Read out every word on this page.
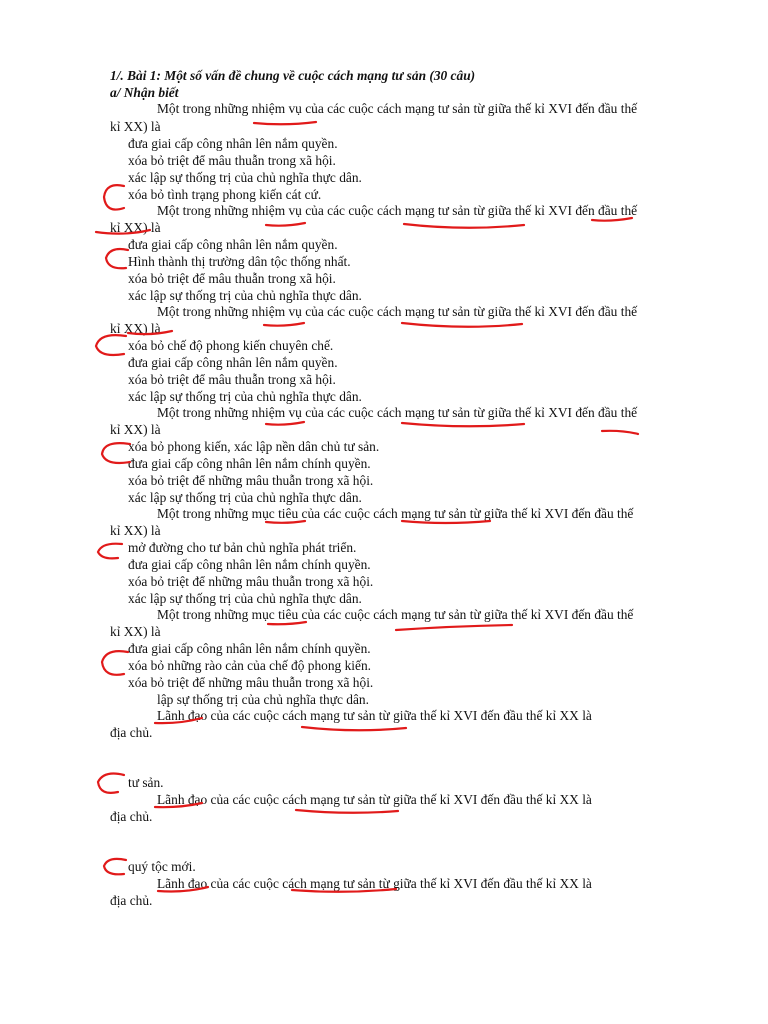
1/. Bài 1: Một số vấn đề chung về cuộc cách mạng tư sản (30 câu)
a/ Nhận biết
Một trong những nhiệm vụ của các cuộc cách mạng tư sản từ giữa thế kỉ XVI đến đầu thế
kỉ XX) là
đưa giai cấp công nhân lên nắm quyền.
xóa bỏ triệt để mâu thuẫn trong xã hội.
xác lập sự thống trị của chủ nghĩa thực dân.
xóa bỏ tình trạng phong kiến cát cứ.
Một trong những nhiệm vụ của các cuộc cách mạng tư sản từ giữa thế kỉ XVI đến đầu thế
kỉ XX) là
đưa giai cấp công nhân lên nắm quyền.
Hình thành thị trường dân tộc thống nhất.
xóa bỏ triệt để mâu thuẫn trong xã hội.
xác lập sự thống trị của chủ nghĩa thực dân.
Một trong những nhiệm vụ của các cuộc cách mạng tư sản từ giữa thế kỉ XVI đến đầu thế
kỉ XX) là
xóa bỏ chế độ phong kiến chuyên chế.
đưa giai cấp công nhân lên nắm quyền.
xóa bỏ triệt để mâu thuẫn trong xã hội.
xác lập sự thống trị của chủ nghĩa thực dân.
Một trong những nhiệm vụ của các cuộc cách mạng tư sản từ giữa thế kỉ XVI đến đầu thế
kỉ XX) là
xóa bỏ phong kiến, xác lập nền dân chủ tư sản.
đưa giai cấp công nhân lên nắm chính quyền.
xóa bỏ triệt để những mâu thuẫn trong xã hội.
xác lập sự thống trị của chủ nghĩa thực dân.
Một trong những mục tiêu của các cuộc cách mạng tư sản từ giữa thế kỉ XVI đến đầu thế
kỉ XX) là
mở đường cho tư bản chủ nghĩa phát triển.
đưa giai cấp công nhân lên nắm chính quyền.
xóa bỏ triệt để những mâu thuẫn trong xã hội.
xác lập sự thống trị của chủ nghĩa thực dân.
Một trong những mục tiêu của các cuộc cách mạng tư sản từ giữa thế kỉ XVI đến đầu thế
kỉ XX) là
đưa giai cấp công nhân lên nắm chính quyền.
xóa bỏ những rào cản của chế độ phong kiến.
xóa bỏ triệt để những mâu thuẫn trong xã hội.
lập sự thống trị của chủ nghĩa thực dân.
Lãnh đạo của các cuộc cách mạng tư sản từ giữa thế kỉ XVI đến đầu thế kỉ XX là
địa chủ.
tư sản.
Lãnh đạo của các cuộc cách mạng tư sản từ giữa thế kỉ XVI đến đầu thế kỉ XX là
địa chủ.
quý tộc mới.
Lãnh đạo của các cuộc cách mạng tư sản từ giữa thế kỉ XVI đến đầu thế kỉ XX là
địa chủ.
